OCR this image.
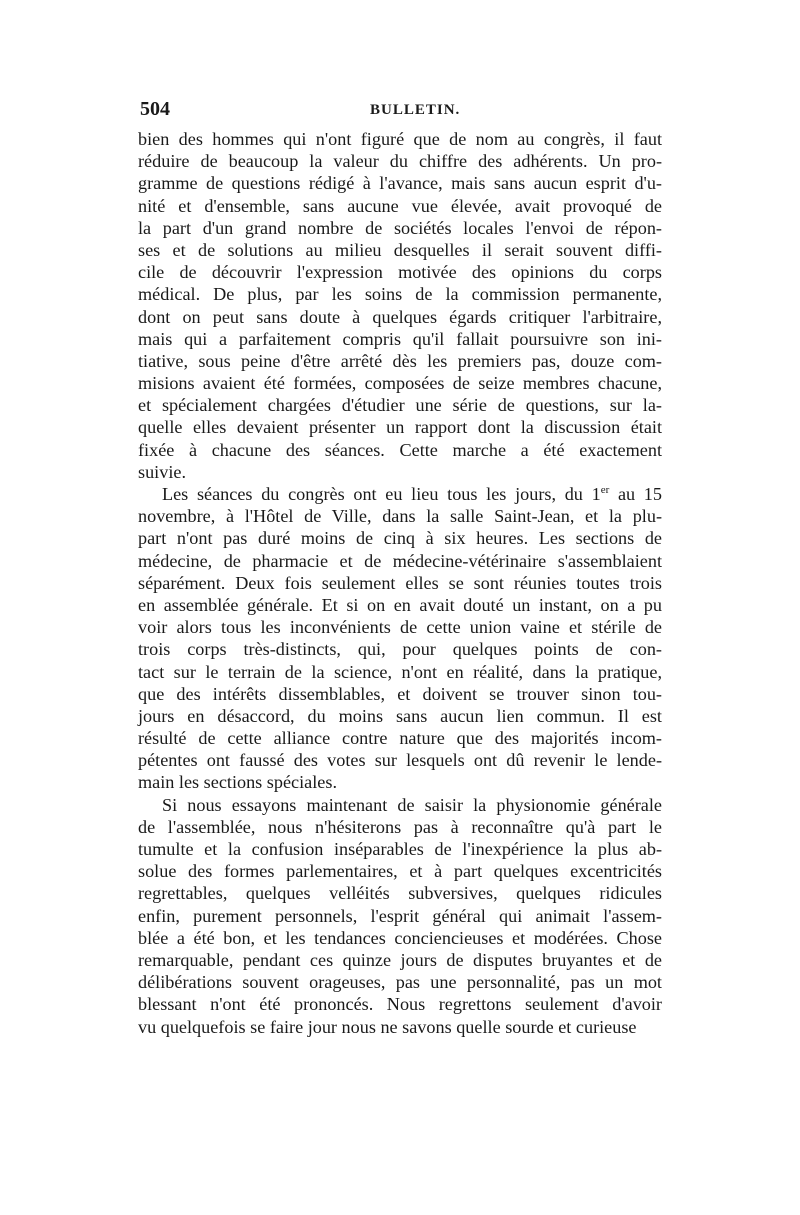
504	BULLETIN.
bien des hommes qui n'ont figuré que de nom au congrès, il faut
réduire de beaucoup la valeur du chiffre des adhérents. Un pro-
gramme de questions rédigé à l'avance, mais sans aucun esprit d'u-
nité et d'ensemble, sans aucune vue élevée, avait provoqué de
la part d'un grand nombre de sociétés locales l'envoi de répon-
ses et de solutions au milieu desquelles il serait souvent diffi-
cile de découvrir l'expression motivée des opinions du corps
médical. De plus, par les soins de la commission permanente,
dont on peut sans doute à quelques égards critiquer l'arbitraire,
mais qui a parfaitement compris qu'il fallait poursuivre son ini-
tiative, sous peine d'être arrêté dès les premiers pas, douze com-
misions avaient été formées, composées de seize membres chacune,
et spécialement chargées d'étudier une série de questions, sur la-
quelle elles devaient présenter un rapport dont la discussion était
fixée à chacune des séances. Cette marche a été exactement
suivie.
Les séances du congrès ont eu lieu tous les jours, du 1er au 15
novembre, à l'Hôtel de Ville, dans la salle Saint-Jean, et la plu-
part n'ont pas duré moins de cinq à six heures. Les sections de
médecine, de pharmacie et de médecine-vétérinaire s'assemblaient
séparément. Deux fois seulement elles se sont réunies toutes trois
en assemblée générale. Et si on en avait douté un instant, on a pu
voir alors tous les inconvénients de cette union vaine et stérile de
trois corps très-distincts, qui, pour quelques points de con-
tact sur le terrain de la science, n'ont en réalité, dans la pratique,
que des intérêts dissemblables, et doivent se trouver sinon tou-
jours en désaccord, du moins sans aucun lien commun. Il est
résulté de cette alliance contre nature que des majorités incom-
pétentes ont faussé des votes sur lesquels ont dû revenir le lende-
main les sections spéciales.
Si nous essayons maintenant de saisir la physionomie générale
de l'assemblée, nous n'hésiterons pas à reconnaître qu'à part le
tumulte et la confusion inséparables de l'inexpérience la plus ab-
solue des formes parlementaires, et à part quelques excentricités
regrettables, quelques velléités subversives, quelques ridicules
enfin, purement personnels, l'esprit général qui animait l'assem-
blée a été bon, et les tendances concienciеuses et modérées. Chose
remarquable, pendant ces quinze jours de disputes bruyantes et de
délibérations souvent orageuses, pas une personnalité, pas un mot
blessant n'ont été prononcés. Nous regrettons seulement d'avoir
vu quelquefois se faire jour nous ne savons quelle sourde et curieuse
